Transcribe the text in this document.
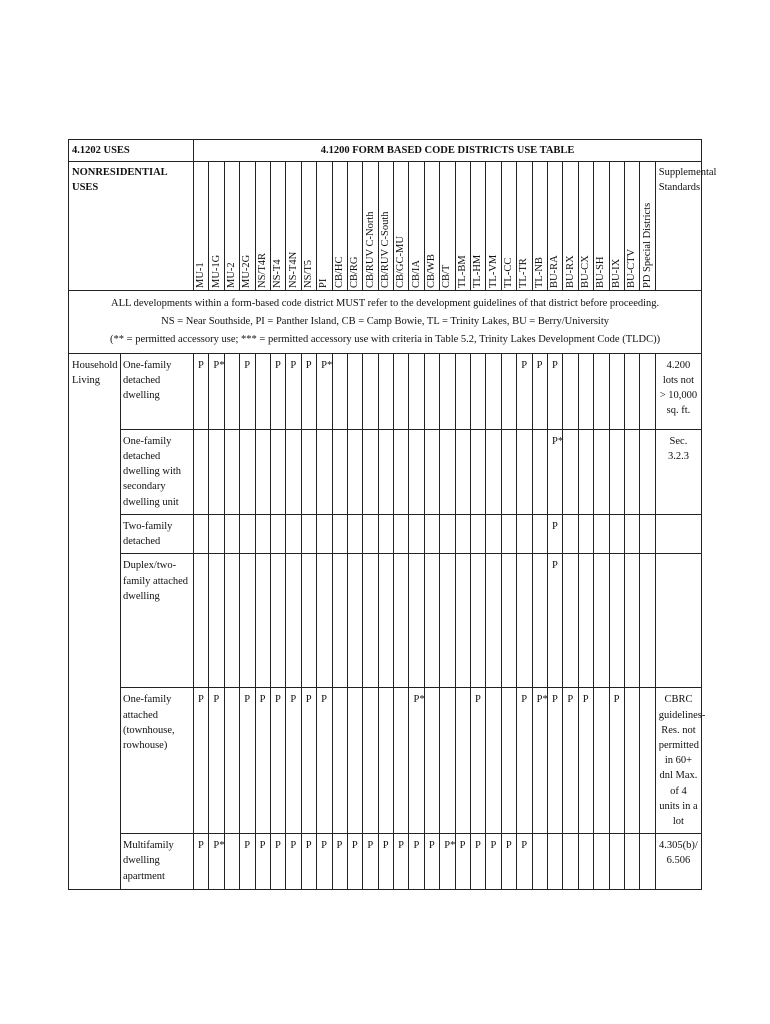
4.1202 USES		4.1200 FORM BASED CODE DISTRICTS USE TABLE																														
NONRESIDENTIAL USES		MU-1	MU-1G	MU-2	MU-2G	NS/T4R	NS-T4	NS-T4N	NS/T5	PI	CB/HC	CB/RG	CB/RUV C-North	CB/RUV C-South	CB/GC-MU	CB/IA	CB/WB	CB/T	TL-BM	TL-HM	TL-VM	TL-CC	TL-TR	TL-NB	BU-RA	BU-RX	BU-CX	BU-SH	BU-IX	BU-CTV	PD Special Districts	Supplemental Standards

ALL developments within a form-based code district MUST refer to the development guidelines of that district before proceeding.
NS = Near Southside, PI = Panther Island, CB = Camp Bowie, TL = Trinity Lakes, BU = Berry/University
(** = permitted accessory use; *** = permitted accessory use with criteria in Table 5.2, Trinity Lakes Development Code (TLDC))																																

Household Living	One-family detached dwelling	P	P*		P		P	P	P	P*													P	P	P							4.200 lots not > 10,000 sq. ft.
	One-family detached dwelling with secondary dwelling unit																								P*							Sec. 3.2.3
	Two-family detached																								P							
	Duplex/two-family attached dwelling																								P							
	One-family attached (townhouse, rowhouse)	P	P		P	P	P	P	P	P						P*				P			P	P*	P	P	P		P			CBRC guidelines- Res. not permitted in 60+ dnl Max. of 4 units in a lot
	Multifamily dwelling apartment	P	P*		P	P	P	P	P	P	P	P	P	P	P	P	P	P*	P	P	P	P	P									4.305(b)/ 6.506
